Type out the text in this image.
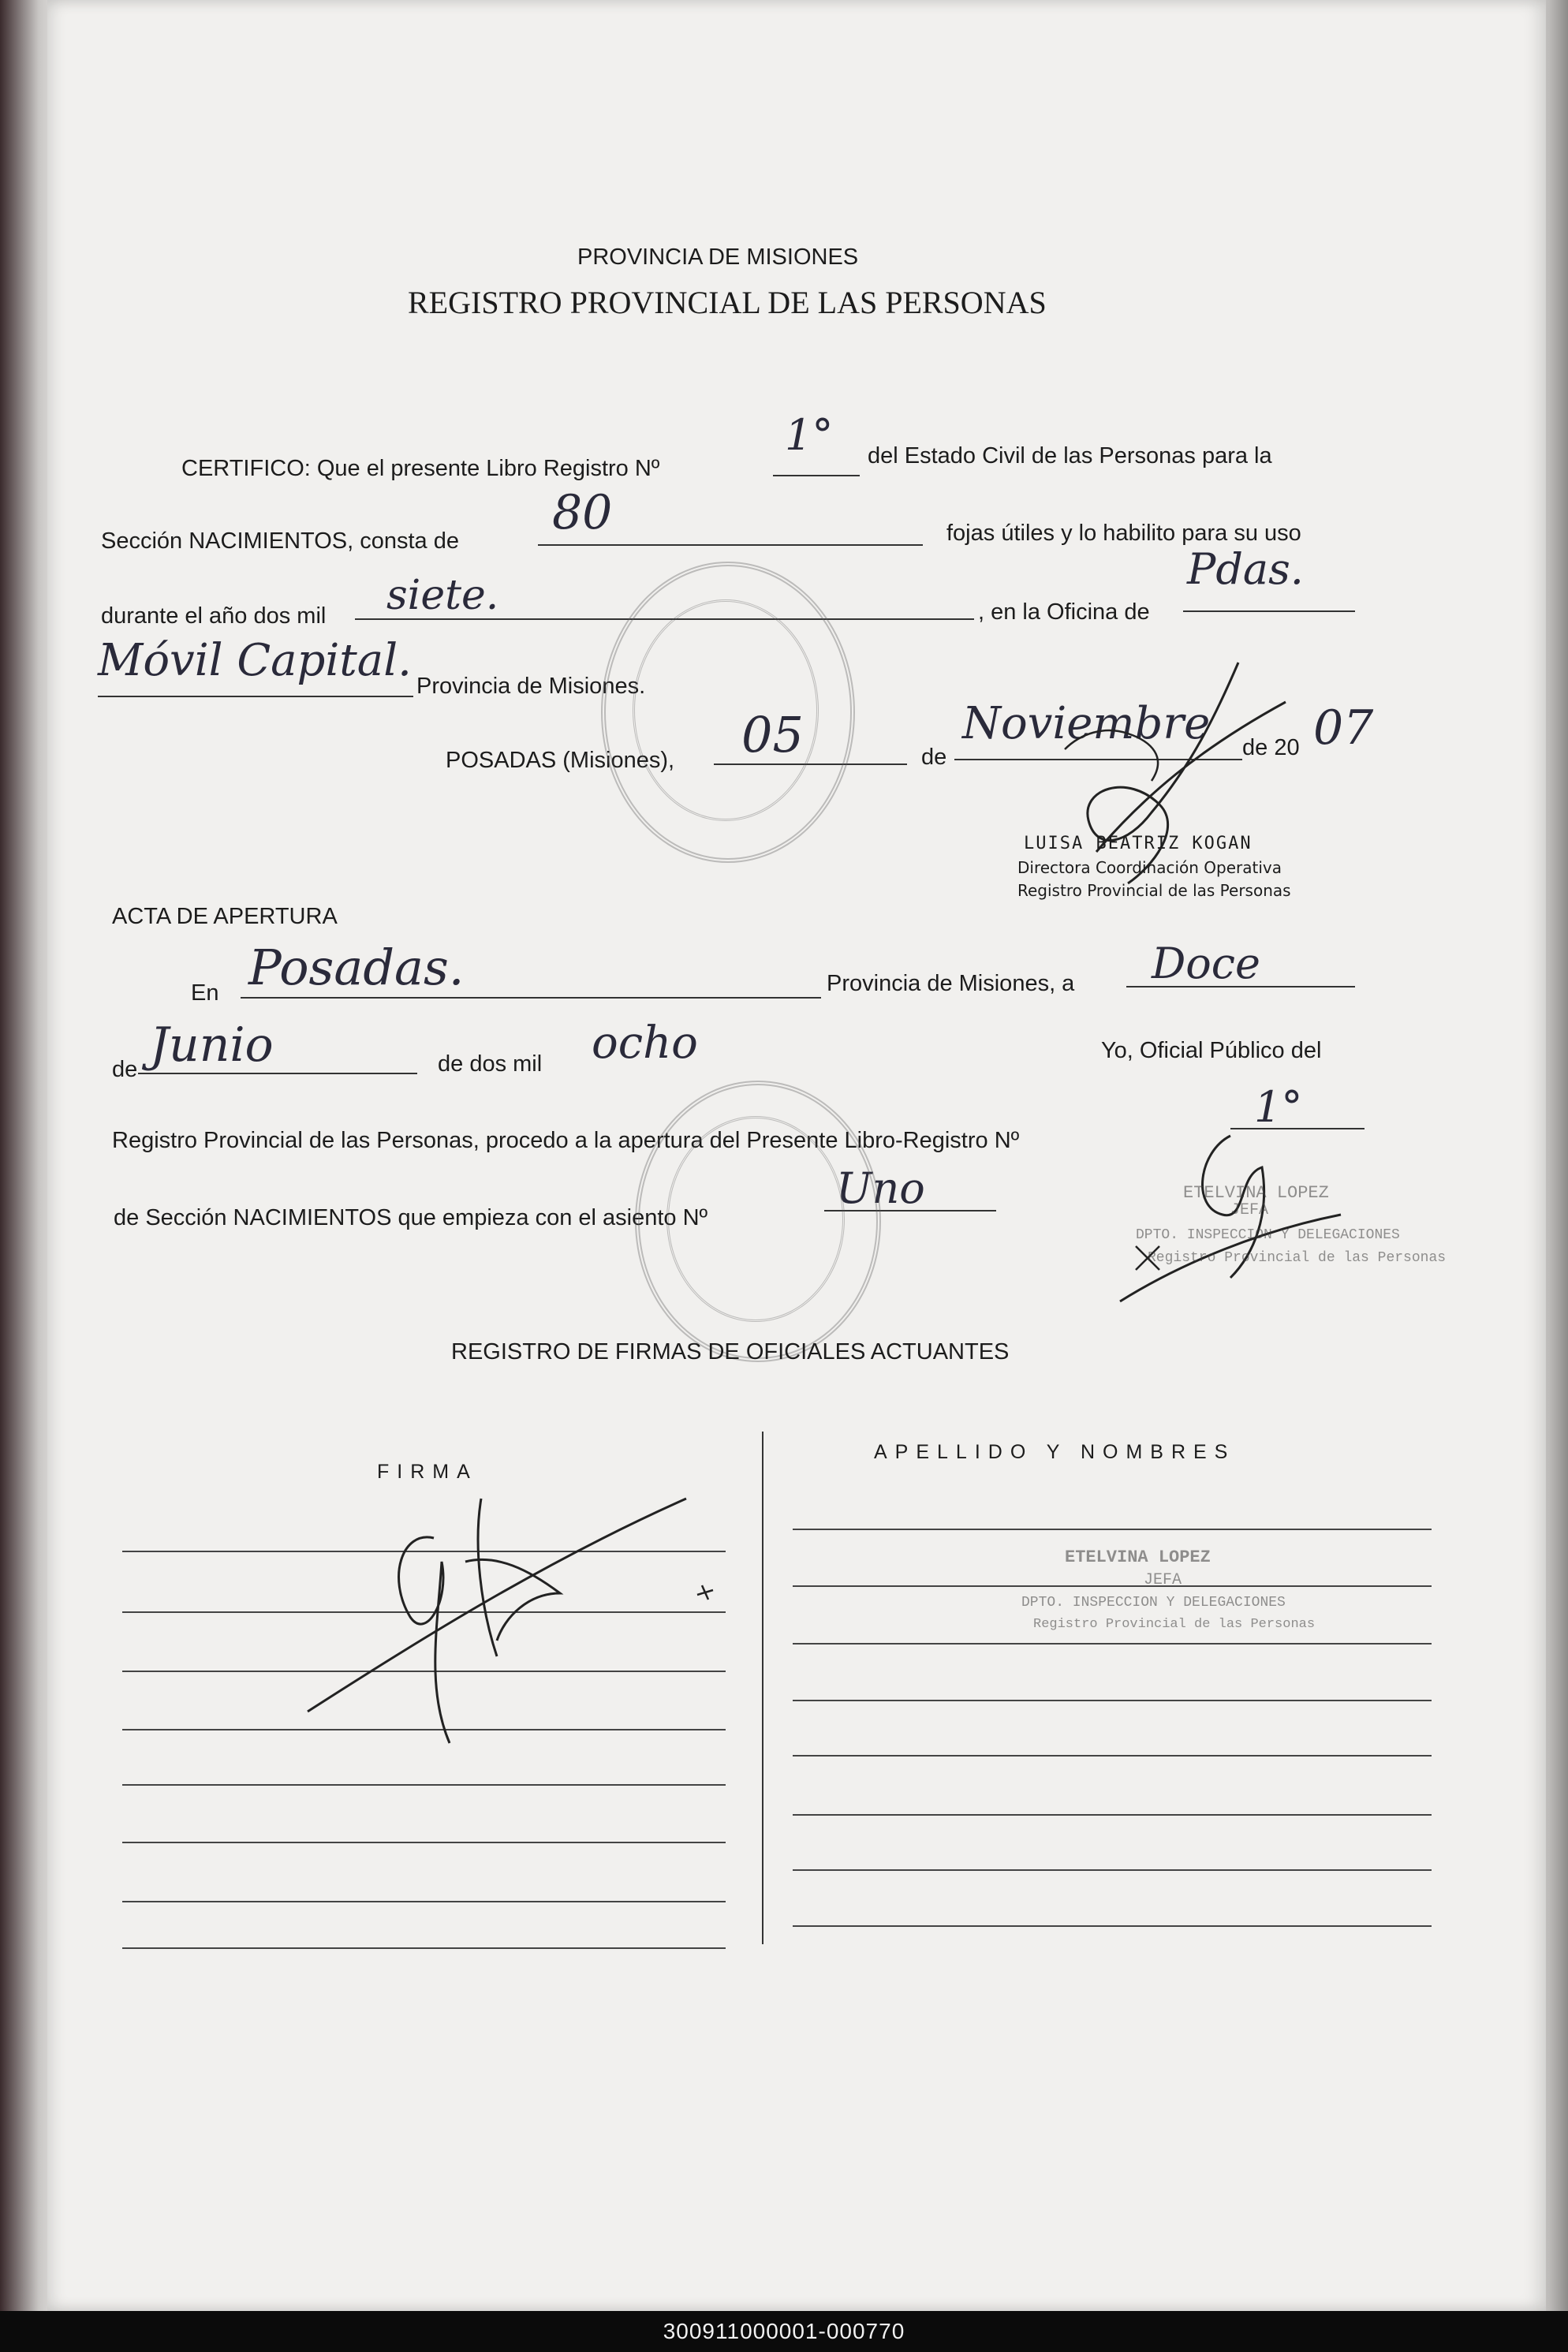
PROVINCIA DE MISIONES
REGISTRO PROVINCIAL DE LAS PERSONAS
CERTIFICO: Que el presente Libro Registro Nº
1° del Estado Civil de las Personas para la
Sección NACIMIENTOS, consta de
80	fojas útiles y lo habilito para su uso
durante el año dos mil siete.	, en la Oficina de
Pdas.
Móvil Capital. Provincia de Misiones.
POSADAS (Misiones), 05	de
Noviembre de 20 07
LUISA BEATRIZ KOGAN
Directora Coordinación Operativa
Registro Provincial de las Personas
ACTA DE APERTURA
En Posadas.	Provincia de Misiones, a Doce
de Junio	de dos mil ocho	Yo, Oficial Público del
Registro Provincial de las Personas, procedo a la apertura del Presente Libro-Registro Nº
1°
de Sección NACIMIENTOS que empieza con el asiento Nº
Uno	ETELVINA LOPEZ
JEFA
DPTO. INSPECCION Y DELEGACIONES
Registro Provincial de las Personas
REGISTRO DE FIRMAS DE OFICIALES ACTUANTES
FIRMA
APELLIDO Y NOMBRES
ETELVINA LOPEZ
JEFA
DPTO. INSPECCION Y DELEGACIONES
Registro Provincial de las Personas
300911000001-000770
